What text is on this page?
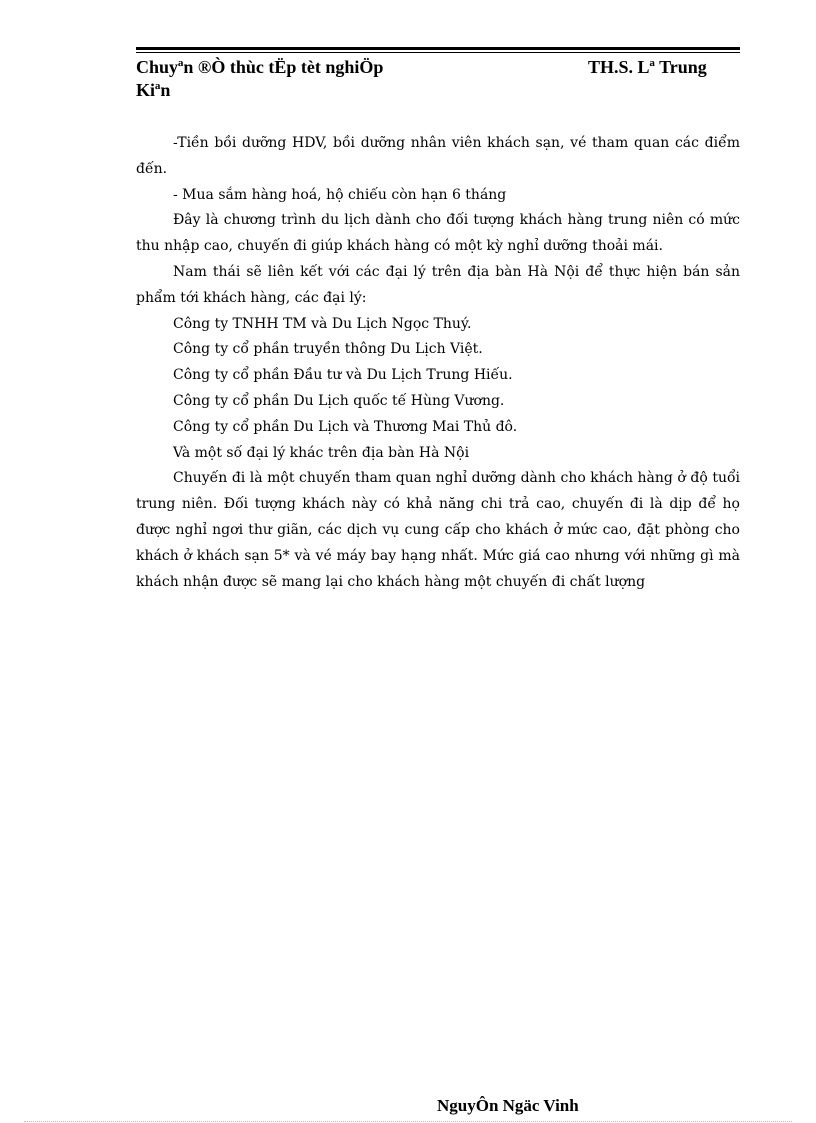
Chuyªn ®Ò thùc tËp tèt nghiÖp	TH.S. Lª Trung
Kiªn

-Tiền bồi dưỡng HDV, bồi dưỡng nhân viên khách sạn, vé tham quan các điểm đến.

- Mua sắm hàng hoá, hộ chiếu còn hạn 6 tháng

Đây là chương trình du lịch dành cho đối tượng khách hàng trung niên có mức thu nhập cao, chuyến đi giúp khách hàng có một kỳ nghỉ dưỡng thoải mái.

Nam thái sẽ liên kết với các đại lý trên địa bàn Hà Nội để thực hiện bán sản phẩm tới khách hàng, các đại lý:

Công ty TNHH TM và Du Lịch Ngọc Thuý.

Công ty cổ phần truyền thông Du Lịch Việt.

Công ty cổ phần Đầu tư và Du Lịch Trung Hiếu.

Công ty cổ phần Du Lịch quốc tế Hùng Vương.

Công ty cổ phần Du Lịch và Thương Mai Thủ đô.

Và một số đại lý khác trên địa bàn Hà Nội

Chuyến đi là một chuyến tham quan nghỉ dưỡng dành cho khách hàng ở độ tuổi trung niên. Đối tượng khách này có khả năng chi trả cao, chuyến đi là dịp để họ được nghỉ ngơi thư giãn, các dịch vụ cung cấp cho khách ở mức cao, đặt phòng cho khách ở khách sạn 5* và vé máy bay hạng nhất. Mức giá cao nhưng với những gì mà khách nhận được sẽ mang lại cho khách hàng một chuyến đi chất lượng

NguyÔn Ngäc Vinh
